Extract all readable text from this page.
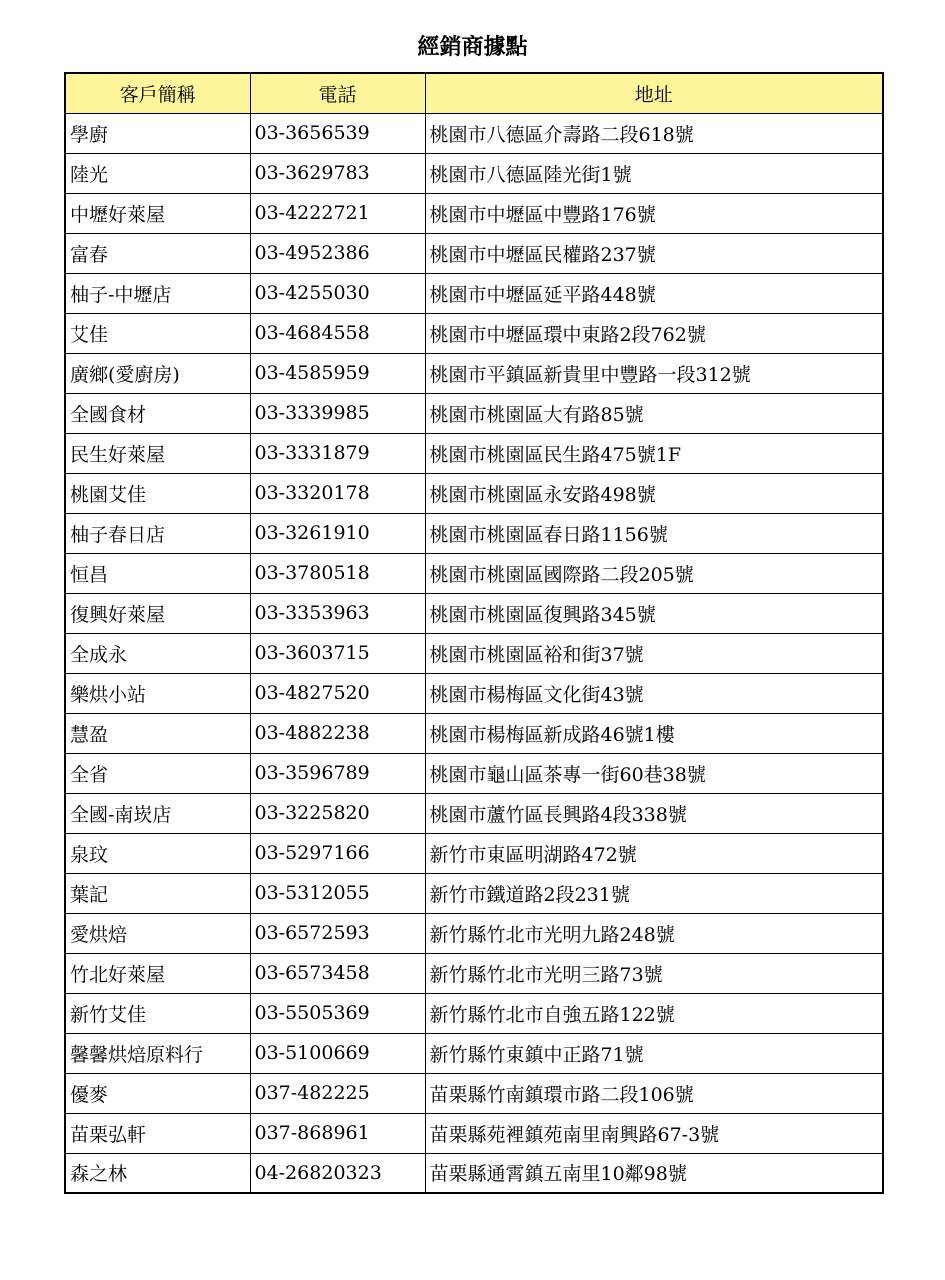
經銷商據點
客戶簡稱	電話	地址
學廚	03-3656539	桃園市八德區介壽路二段618號
陸光	03-3629783	桃園市八德區陸光街1號
中壢好萊屋	03-4222721	桃園市中壢區中豐路176號
富春	03-4952386	桃園市中壢區民權路237號
柚子-中壢店	03-4255030	桃園市中壢區延平路448號
艾佳	03-4684558	桃園市中壢區環中東路2段762號
廣鄉(愛廚房)	03-4585959	桃園市平鎮區新貴里中豐路一段312號
全國食材	03-3339985	桃園市桃園區大有路85號
民生好萊屋	03-3331879	桃園市桃園區民生路475號1F
桃園艾佳	03-3320178	桃園市桃園區永安路498號
柚子春日店	03-3261910	桃園市桃園區春日路1156號
恒昌	03-3780518	桃園市桃園區國際路二段205號
復興好萊屋	03-3353963	桃園市桃園區復興路345號
全成永	03-3603715	桃園市桃園區裕和街37號
樂烘小站	03-4827520	桃園市楊梅區文化街43號
慧盈	03-4882238	桃園市楊梅區新成路46號1樓
全省	03-3596789	桃園市龜山區茶專一街60巷38號
全國-南崁店	03-3225820	桃園市蘆竹區長興路4段338號
泉玟	03-5297166	新竹市東區明湖路472號
葉記	03-5312055	新竹市鐵道路2段231號
愛烘焙	03-6572593	新竹縣竹北市光明九路248號
竹北好萊屋	03-6573458	新竹縣竹北市光明三路73號
新竹艾佳	03-5505369	新竹縣竹北市自強五路122號
馨馨烘焙原料行	03-5100669	新竹縣竹東鎮中正路71號
優麥	037-482225	苗栗縣竹南鎮環市路二段106號
苗栗弘軒	037-868961	苗栗縣苑裡鎮苑南里南興路67-3號
森之林	04-26820323	苗栗縣通霄鎮五南里10鄰98號
